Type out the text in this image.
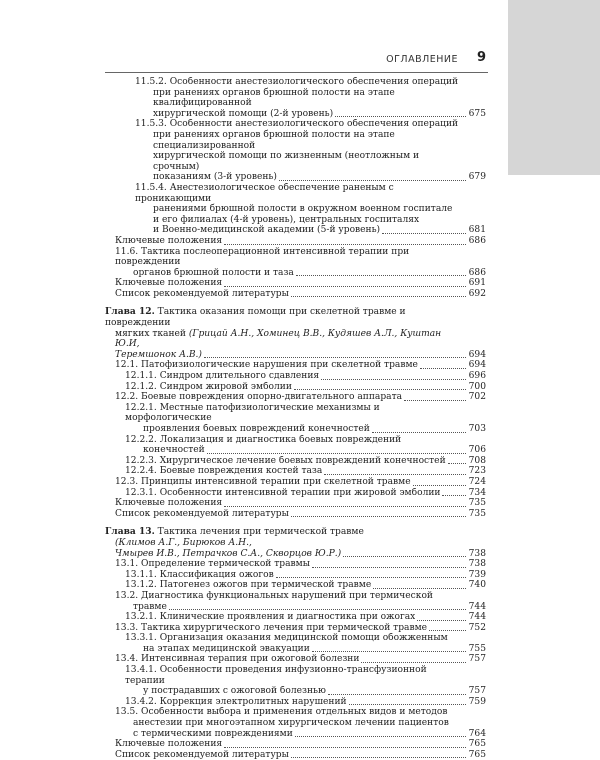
ОГЛАВЛЕНИЕ 9
11.5.2. Особенности анестезиологического обеспечения операций
при ранениях органов брюшной полости на этапе квалифицированной
хирургической помощи (2-й уровень)	675
11.5.3. Особенности анестезиологического обеспечения операций
при ранениях органов брюшной полости на этапе специализированной
хирургической помощи по жизненным (неотложным и срочным)
показаниям (3-й уровень)	679
11.5.4. Анестезиологическое обеспечение раненым с проникающими
ранениями брюшной полости в окружном военном госпитале
и его филиалах (4-й уровень), центральных госпиталях
и Военно-медицинской академии (5-й уровень)	681
Ключевые положения	686
11.6. Тактика послеоперационной интенсивной терапии при повреждении
органов брюшной полости и таза	686
Ключевые положения	691
Список рекомендуемой литературы	692
Глава 12. Тактика оказания помощи при скелетной травме и повреждении
мягких тканей (Грицай А.Н., Хоминец В.В., Кудяшев А.Л., Куштан Ю.И,
Теремшонок А.В.)	694
12.1. Патофизиологические нарушения при скелетной травме	694
12.1.1. Синдром длительного сдавления	696
12.1.2. Синдром жировой эмболии	700
12.2. Боевые повреждения опорно-двигательного аппарата	702
12.2.1. Местные патофизиологические механизмы и морфологические
проявления боевых повреждений конечностей	703
12.2.2. Локализация и диагностика боевых повреждений
конечностей	706
12.2.3. Хирургическое лечение боевых повреждений конечностей	708
12.2.4. Боевые повреждения костей таза	723
12.3. Принципы интенсивной терапии при скелетной травме	724
12.3.1. Особенности интенсивной терапии при жировой эмболии	734
Ключевые положения	735
Список рекомендуемой литературы	735
Глава 13. Тактика лечения при термической травме
(Климов А.Г., Бирюков А.Н.,
Чмырев И.В., Петрачков С.А., Скворцов Ю.Р.)	738
13.1. Определение термической травмы	738
13.1.1. Классификация ожогов	739
13.1.2. Патогенез ожогов при термической травме	740
13.2. Диагностика функциональных нарушений при термической
травме	744
13.2.1. Клинические проявления и диагностика при ожогах	744
13.3. Тактика хирургического лечения при термической травме	752
13.3.1. Организация оказания медицинской помощи обожженным
на этапах медицинской эвакуации	755
13.4. Интенсивная терапия при ожоговой болезни	757
13.4.1. Особенности проведения инфузионно-трансфузионной терапии
у пострадавших с ожоговой болезнью	757
13.4.2. Коррекция электролитных нарушений	759
13.5. Особенности выбора и применения отдельных видов и методов
анестезии при многоэтапном хирургическом лечении пациентов
с термическими повреждениями	764
Ключевые положения	765
Список рекомендуемой литературы	765
